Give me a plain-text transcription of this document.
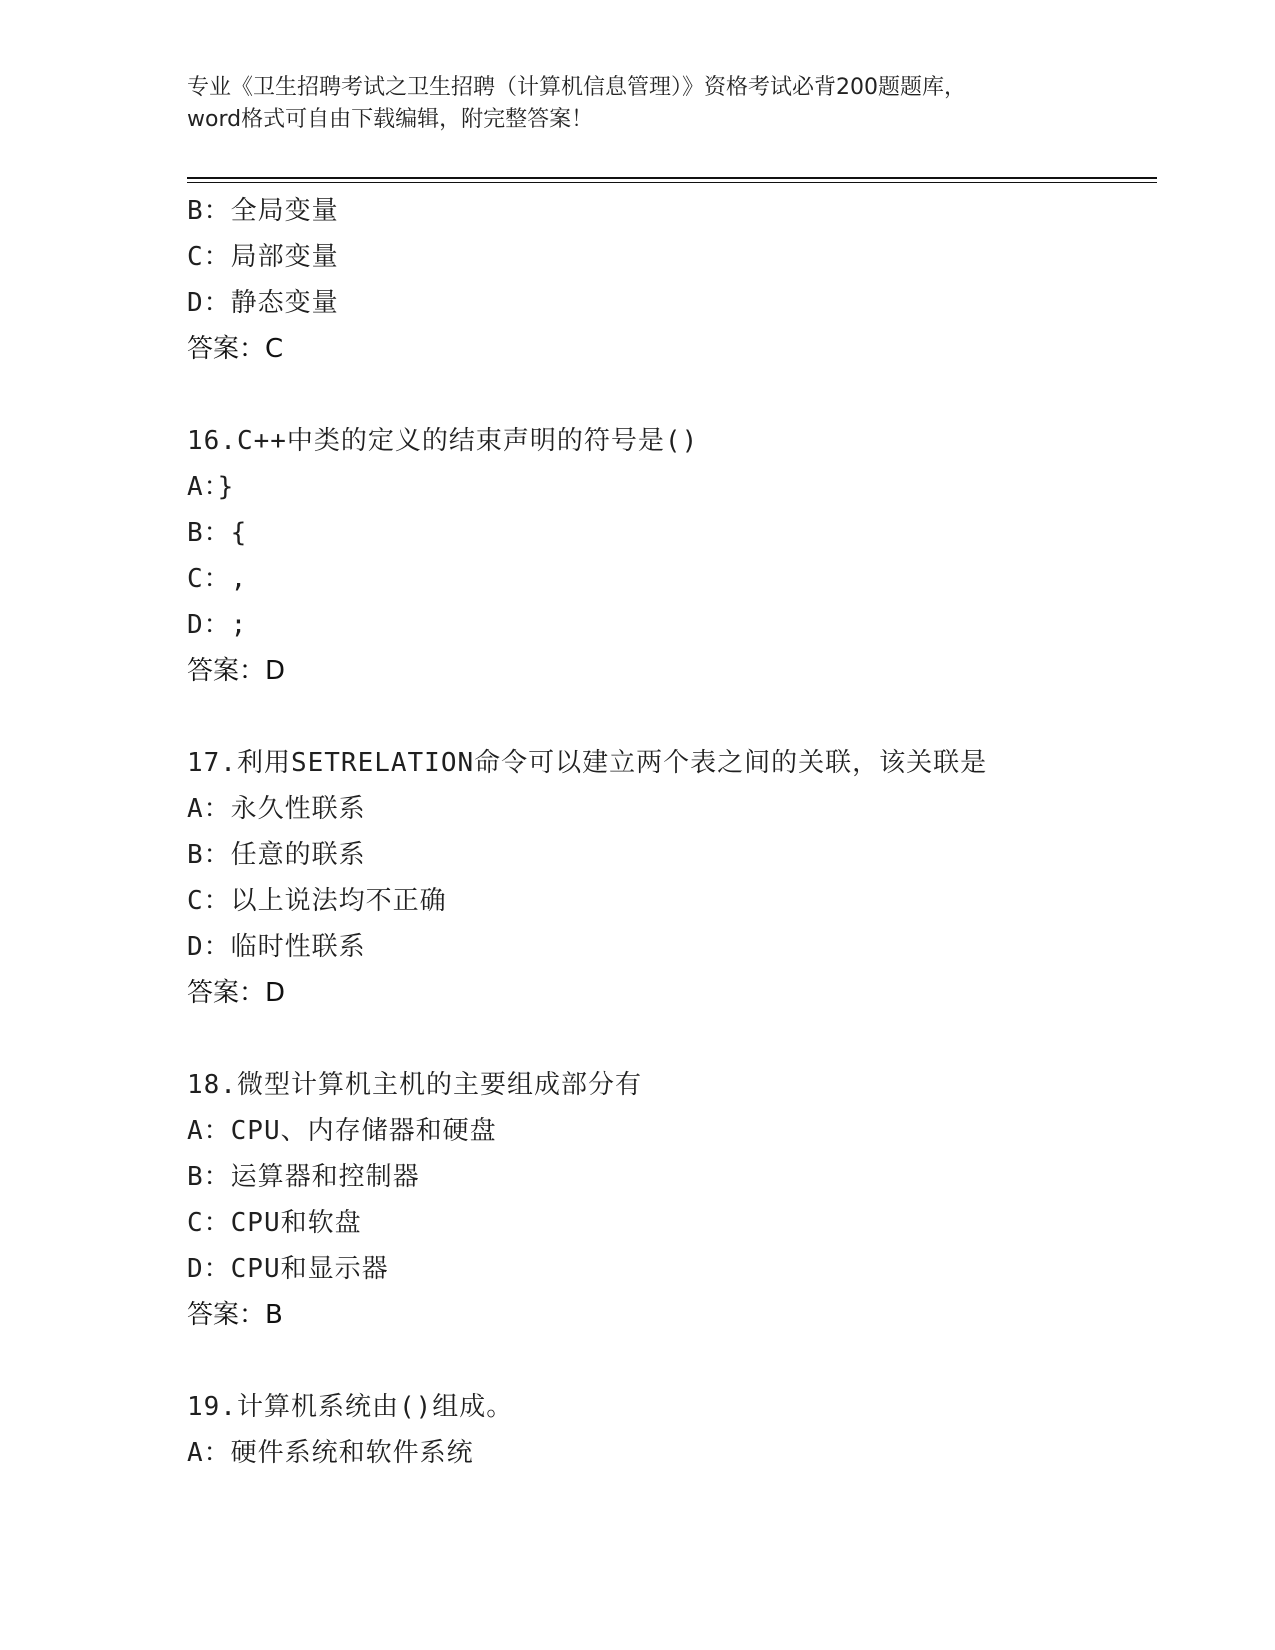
专业《卫生招聘考试之卫生招聘（计算机信息管理）》资格考试必背200题题库，
word格式可自由下载编辑，附完整答案！
B：全局变量
C：局部变量
D：静态变量
答案：C
16.C++中类的定义的结束声明的符号是()
A：}
B：{
C：,
D：;
答案：D
17.利用SETRELATION命令可以建立两个表之间的关联，该关联是
A：永久性联系
B：任意的联系
C：以上说法均不正确
D：临时性联系
答案：D
18.微型计算机主机的主要组成部分有
A：CPU、内存储器和硬盘
B：运算器和控制器
C：CPU和软盘
D：CPU和显示器
答案：B
19.计算机系统由()组成。
A：硬件系统和软件系统
